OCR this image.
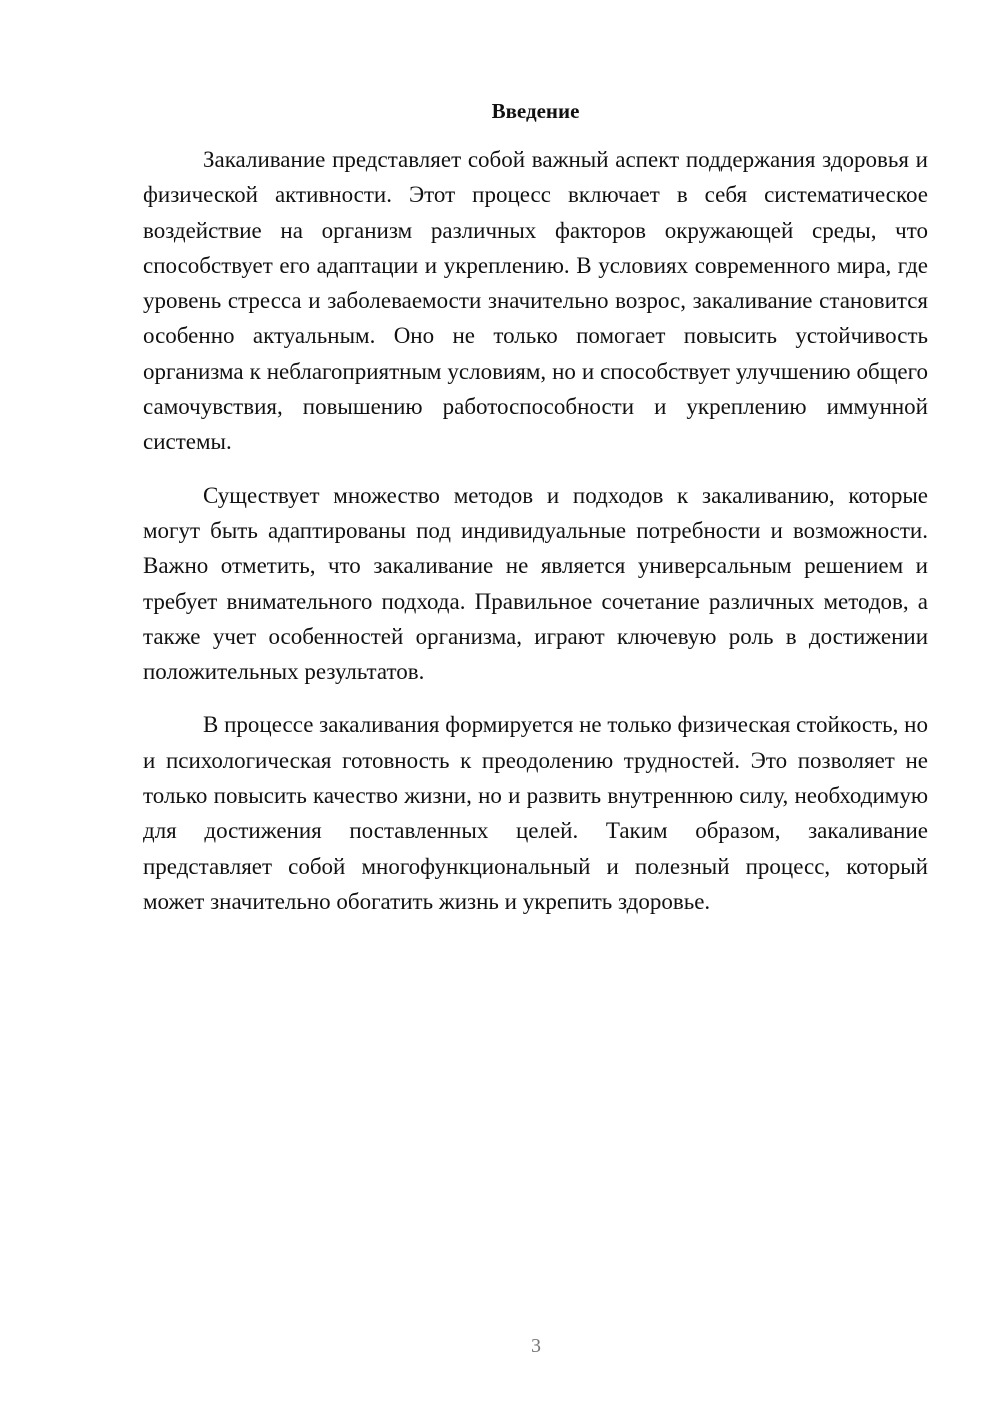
Введение

Закаливание представляет собой важный аспект поддержания здоровья и физической активности. Этот процесс включает в себя систематическое воздействие на организм различных факторов окружающей среды, что способствует его адаптации и укреплению. В условиях современного мира, где уровень стресса и заболеваемости значительно возрос, закаливание становится особенно актуальным. Оно не только помогает повысить устойчивость организма к неблагоприятным условиям, но и способствует улучшению общего самочувствия, повышению работоспособности и укреплению иммунной системы.

Существует множество методов и подходов к закаливанию, которые могут быть адаптированы под индивидуальные потребности и возможности. Важно отметить, что закаливание не является универсальным решением и требует внимательного подхода. Правильное сочетание различных методов, а также учет особенностей организма, играют ключевую роль в достижении положительных результатов.

В процессе закаливания формируется не только физическая стойкость, но и психологическая готовность к преодолению трудностей. Это позволяет не только повысить качество жизни, но и развить внутреннюю силу, необходимую для достижения поставленных целей. Таким образом, закаливание представляет собой многофункциональный и полезный процесс, который может значительно обогатить жизнь и укрепить здоровье.

3
